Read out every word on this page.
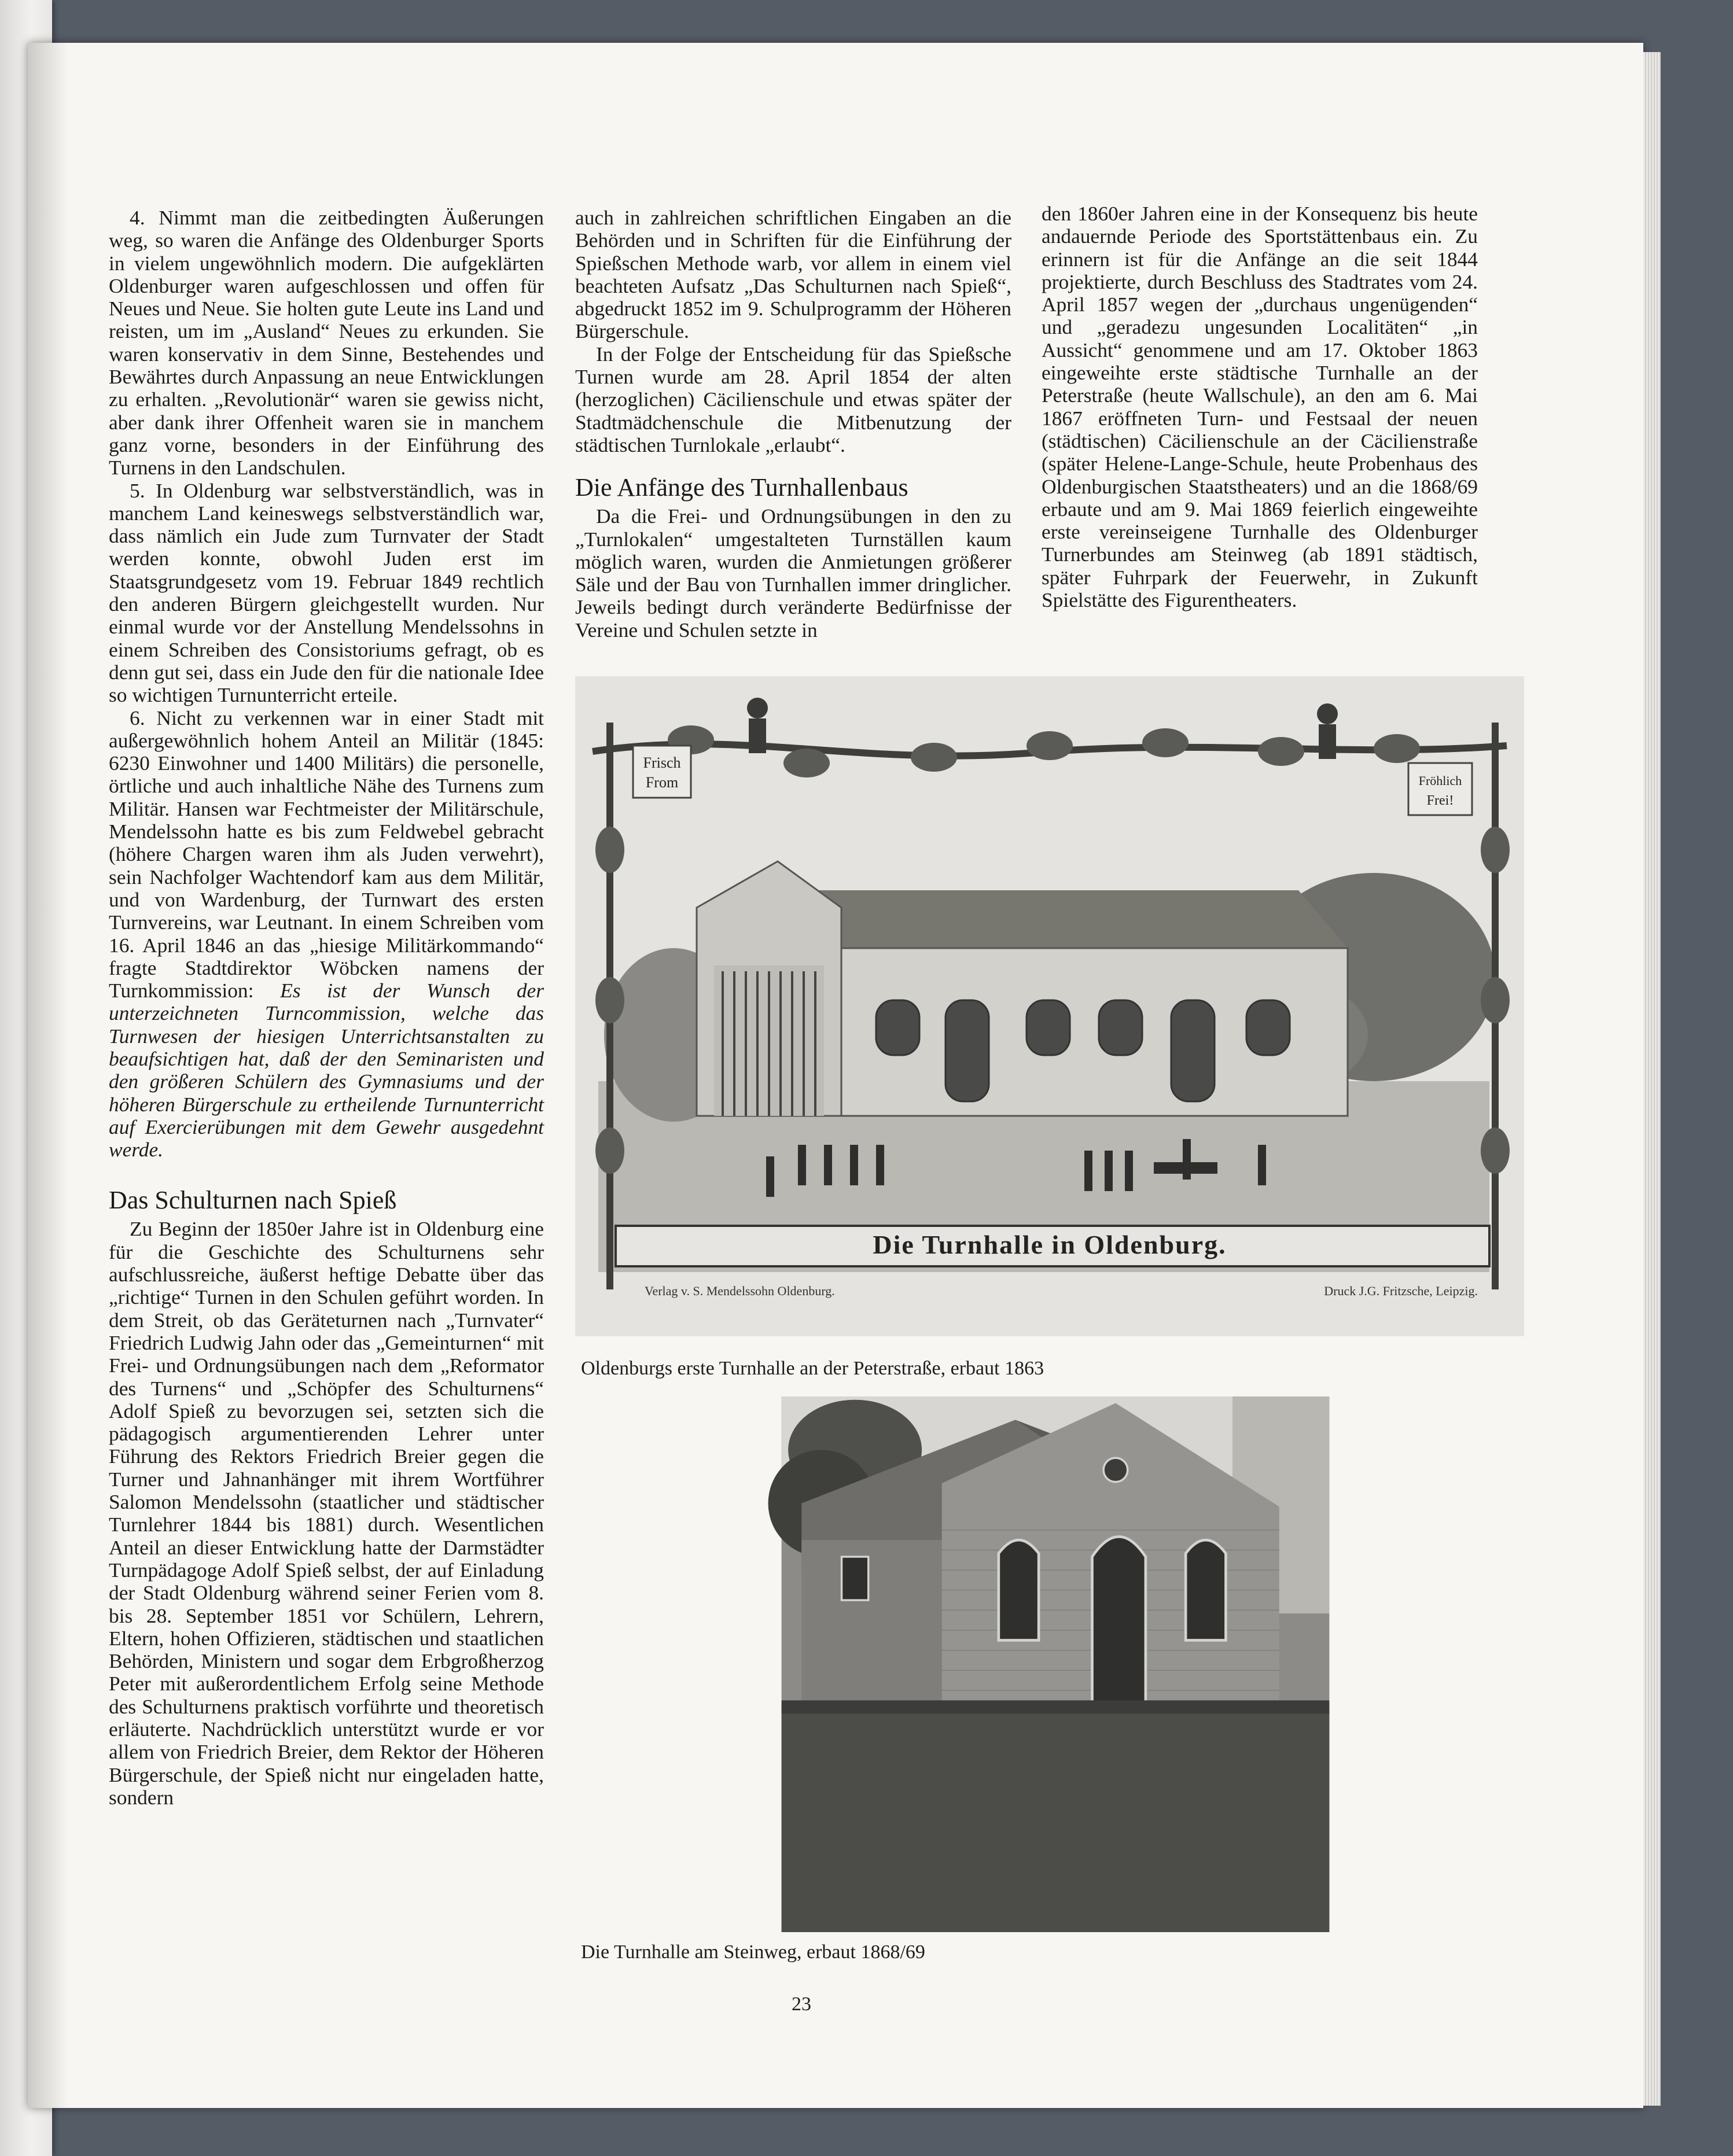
4. Nimmt man die zeitbedingten Äußerungen weg, so waren die Anfänge des Oldenburger Sports in vielem ungewöhnlich modern. Die aufgeklärten Oldenburger waren aufgeschlossen und offen für Neues und Neue. Sie holten gute Leute ins Land und reisten, um im „Ausland“ Neues zu erkunden. Sie waren konservativ in dem Sinne, Bestehendes und Bewährtes durch Anpassung an neue Entwicklungen zu erhalten. „Revolutionär“ waren sie gewiss nicht, aber dank ihrer Offenheit waren sie in manchem ganz vorne, besonders in der Einführung des Turnens in den Landschulen.

5. In Oldenburg war selbstverständlich, was in manchem Land keineswegs selbstverständlich war, dass nämlich ein Jude zum Turnvater der Stadt werden konnte, obwohl Juden erst im Staatsgrundgesetz vom 19. Februar 1849 rechtlich den anderen Bürgern gleichgestellt wurden. Nur einmal wurde vor der Anstellung Mendelssohns in einem Schreiben des Consistoriums gefragt, ob es denn gut sei, dass ein Jude den für die nationale Idee so wichtigen Turnunterricht erteile.

6. Nicht zu verkennen war in einer Stadt mit außergewöhnlich hohem Anteil an Militär (1845: 6230 Einwohner und 1400 Militärs) die personelle, örtliche und auch inhaltliche Nähe des Turnens zum Militär. Hansen war Fechtmeister der Militärschule, Mendelssohn hatte es bis zum Feldwebel gebracht (höhere Chargen waren ihm als Juden verwehrt), sein Nachfolger Wachtendorf kam aus dem Militär, und von Wardenburg, der Turnwart des ersten Turnvereins, war Leutnant. In einem Schreiben vom 16. April 1846 an das „hiesige Militärkommando“ fragte Stadtdirektor Wöbcken namens der Turnkommission: Es ist der Wunsch der unterzeichneten Turncommission, welche das Turnwesen der hiesigen Unterrichtsanstalten zu beaufsichtigen hat, daß der den Seminaristen und den größeren Schülern des Gymnasiums und der höheren Bürgerschule zu ertheilende Turnunterricht auf Exercierübungen mit dem Gewehr ausgedehnt werde.

Das Schulturnen nach Spieß

Zu Beginn der 1850er Jahre ist in Oldenburg eine für die Geschichte des Schulturnens sehr aufschlussreiche, äußerst heftige Debatte über das „richtige“ Turnen in den Schulen geführt worden. In dem Streit, ob das Geräteturnen nach „Turnvater“ Friedrich Ludwig Jahn oder das „Gemeinturnen“ mit Frei- und Ordnungsübungen nach dem „Reformator des Turnens“ und „Schöpfer des Schulturnens“ Adolf Spieß zu bevorzugen sei, setzten sich die pädagogisch argumentierenden Lehrer unter Führung des Rektors Friedrich Breier gegen die Turner und Jahnanhänger mit ihrem Wortführer Salomon Mendelssohn (staatlicher und städtischer Turnlehrer 1844 bis 1881) durch. Wesentlichen Anteil an dieser Entwicklung hatte der Darmstädter Turnpädagoge Adolf Spieß selbst, der auf Einladung der Stadt Oldenburg während seiner Ferien vom 8. bis 28. September 1851 vor Schülern, Lehrern, Eltern, hohen Offizieren, städtischen und staatlichen Behörden, Ministern und sogar dem Erbgroßherzog Peter mit außerordentlichem Erfolg seine Methode des Schulturnens praktisch vorführte und theoretisch erläuterte. Nachdrücklich unterstützt wurde er vor allem von Friedrich Breier, dem Rektor der Höheren Bürgerschule, der Spieß nicht nur eingeladen hatte, sondern

auch in zahlreichen schriftlichen Eingaben an die Behörden und in Schriften für die Einführung der Spießschen Methode warb, vor allem in einem viel beachteten Aufsatz „Das Schulturnen nach Spieß“, abgedruckt 1852 im 9. Schulprogramm der Höheren Bürgerschule.

In der Folge der Entscheidung für das Spießsche Turnen wurde am 28. April 1854 der alten (herzoglichen) Cäcilienschule und etwas später der Stadtmädchenschule die Mitbenutzung der städtischen Turnlokale „erlaubt“.

Die Anfänge des Turnhallenbaus

Da die Frei- und Ordnungsübungen in den zu „Turnlokalen“ umgestalteten Turnställen kaum möglich waren, wurden die Anmietungen größerer Säle und der Bau von Turnhallen immer dringlicher. Jeweils bedingt durch veränderte Bedürfnisse der Vereine und Schulen setzte in

den 1860er Jahren eine in der Konsequenz bis heute andauernde Periode des Sportstättenbaus ein. Zu erinnern ist für die Anfänge an die seit 1844 projektierte, durch Beschluss des Stadtrates vom 24. April 1857 wegen der „durchaus ungenügenden“ und „geradezu ungesunden Localitäten“ „in Aussicht“ genommene und am 17. Oktober 1863 eingeweihte erste städtische Turnhalle an der Peterstraße (heute Wallschule), an den am 6. Mai 1867 eröffneten Turn- und Festsaal der neuen (städtischen) Cäcilienschule an der Cäcilienstraße (später Helene-Lange-Schule, heute Probenhaus des Oldenburgischen Staatstheaters) und an die 1868/69 erbaute und am 9. Mai 1869 feierlich eingeweihte erste vereinseigene Turnhalle des Oldenburger Turnerbundes am Steinweg (ab 1891 städtisch, später Fuhrpark der Feuerwehr, in Zukunft Spielstätte des Figurentheaters.

Frisch
From	Fröhlich
Frei!
Die Turnhalle in Oldenburg.
Verlag v. S. Mendelssohn Oldenburg.	Druck J.G. Fritzsche, Leipzig.
Oldenburgs erste Turnhalle an der Peterstraße, erbaut 1863
Die Turnhalle am Steinweg, erbaut 1868/69
23
